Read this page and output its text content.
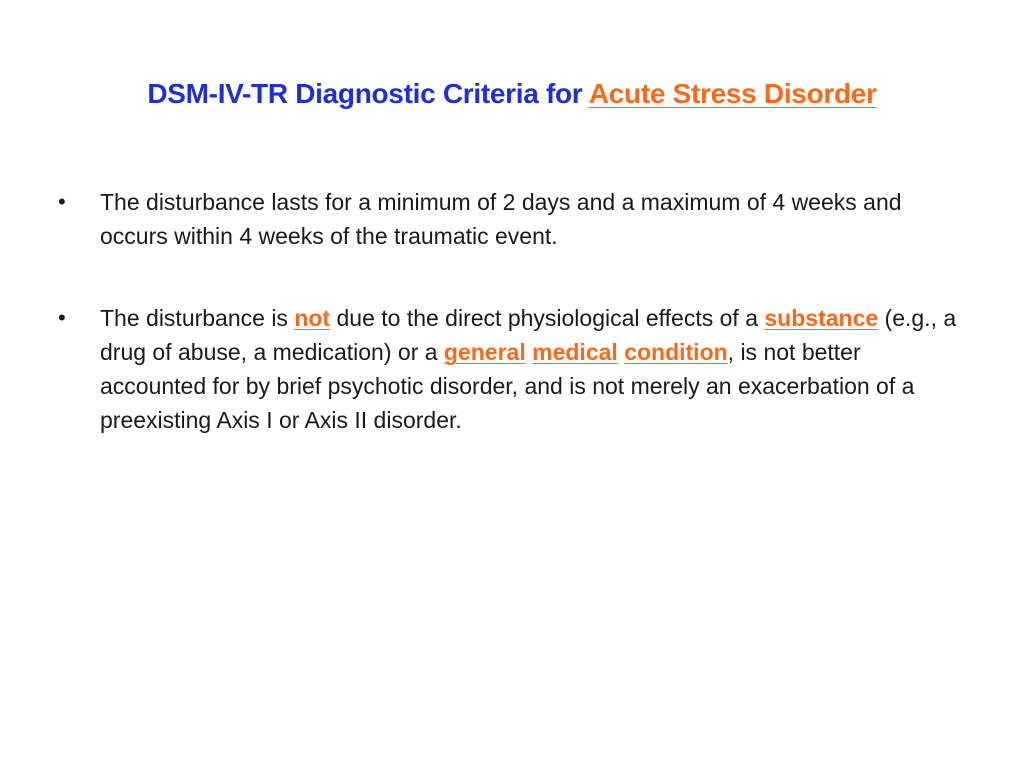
DSM-IV-TR Diagnostic Criteria for Acute Stress Disorder
•	The disturbance lasts for a minimum of 2 days and a maximum of 4 weeks and occurs within 4 weeks of the traumatic event.
•	The disturbance is not due to the direct physiological effects of a substance (e.g., a drug of abuse, a medication) or a general medical condition, is not better accounted for by brief psychotic disorder, and is not merely an exacerbation of a preexisting Axis I or Axis II disorder.
